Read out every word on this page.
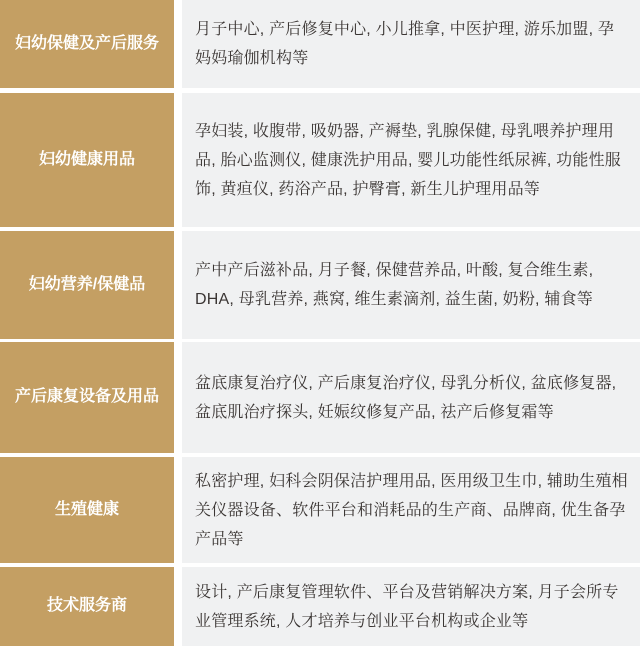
妇幼保健及产后服务
月子中心, 产后修复中心, 小儿推拿, 中医护理, 游乐加盟, 孕妈妈瑜伽机构等
妇幼健康用品
孕妇装, 收腹带, 吸奶器, 产褥垫, 乳腺保健, 母乳喂养护理用品, 胎心监测仪, 健康洗护用品, 婴儿功能性纸尿裤, 功能性服饰, 黄疸仪, 药浴产品, 护臀膏, 新生儿护理用品等
妇幼营养/保健品
产中产后滋补品, 月子餐, 保健营养品, 叶酸, 复合维生素, DHA, 母乳营养, 燕窝, 维生素滴剂, 益生菌, 奶粉, 辅食等
产后康复设备及用品
盆底康复治疗仪, 产后康复治疗仪, 母乳分析仪, 盆底修复器, 盆底肌治疗探头, 妊娠纹修复产品, 祛产后修复霜等
生殖健康
私密护理, 妇科会阴保洁护理用品, 医用级卫生巾, 辅助生殖相关仪器设备、软件平台和消耗品的生产商、品牌商, 优生备孕产品等
技术服务商
设计, 产后康复管理软件、平台及营销解决方案, 月子会所专业管理系统, 人才培养与创业平台机构或企业等
